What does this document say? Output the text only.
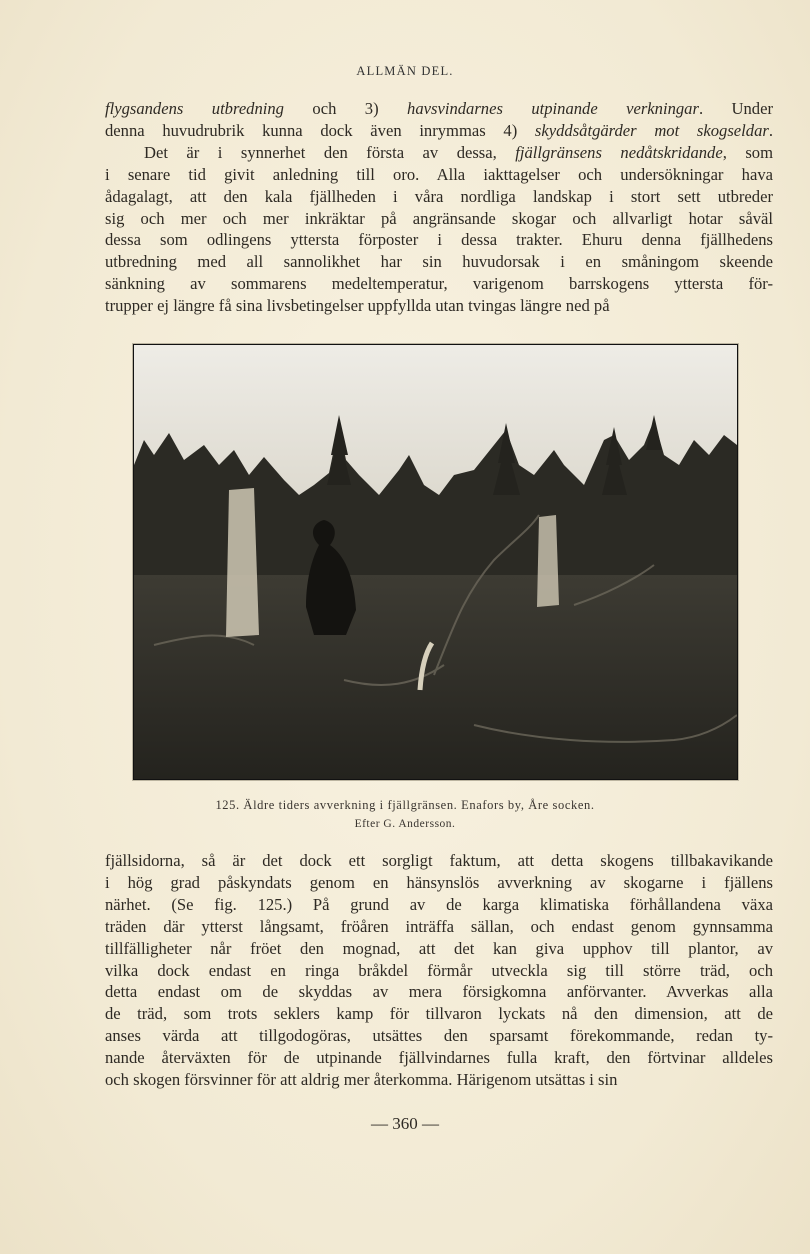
ALLMÄN DEL.
flygsandens utbredning och 3) havsvindarnes utpinande verkningar. Under
denna huvudrubrik kunna dock även inrymmas 4) skyddsåtgärder mot skogseldar.
Det är i synnerhet den första av dessa, fjällgränsens nedåtskridande, som
i senare tid givit anledning till oro. Alla iakttagelser och undersökningar hava
ådagalagt, att den kala fjällheden i våra nordliga landskap i stort sett utbreder
sig och mer och mer inkräktar på angränsande skogar och allvarligt hotar såväl
dessa som odlingens yttersta förposter i dessa trakter. Ehuru denna fjällhedens
utbredning med all sannolikhet har sin huvudorsak i en småningom skeende
sänkning av sommarens medeltemperatur, varigenom barrskogens yttersta för-
trupper ej längre få sina livsbetingelser uppfyllda utan tvingas längre ned på
125. Äldre tiders avverkning i fjällgränsen. Enafors by, Åre socken.
Efter G. Andersson.
fjällsidorna, så är det dock ett sorgligt faktum, att detta skogens tillbakavikande
i hög grad påskyndats genom en hänsynslös avverkning av skogarne i fjällens
närhet. (Se fig. 125.) På grund av de karga klimatiska förhållandena växa
träden där ytterst långsamt, fröåren inträffa sällan, och endast genom gynnsamma
tillfälligheter når fröet den mognad, att det kan giva upphov till plantor, av
vilka dock endast en ringa bråkdel förmår utveckla sig till större träd, och
detta endast om de skyddas av mera försigkomna anförvanter. Avverkas alla
de träd, som trots seklers kamp för tillvaron lyckats nå den dimension, att de
anses värda att tillgodogöras, utsättes den sparsamt förekommande, redan ty-
nande återväxten för de utpinande fjällvindarnes fulla kraft, den förtvinar alldeles
och skogen försvinner för att aldrig mer återkomma. Härigenom utsättas i sin
— 360 —
